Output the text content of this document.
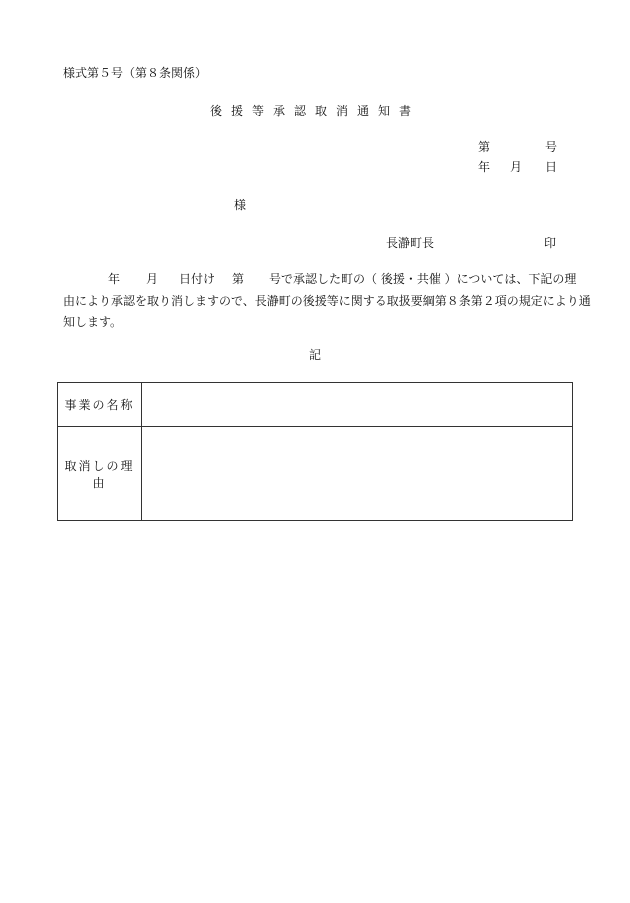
様式第５号（第８条関係）
後援等承認取消通知書
第	号
年 月 日
様
長瀞町長	印
年 月 日付け 第 号で承認した町の（ 後援・共催 ）については、下記の理
由により承認を取り消しますので、長瀞町の後援等に関する取扱要綱第８条第２項の規定により通
知します。
記
事業の名称	
取消しの理由	
